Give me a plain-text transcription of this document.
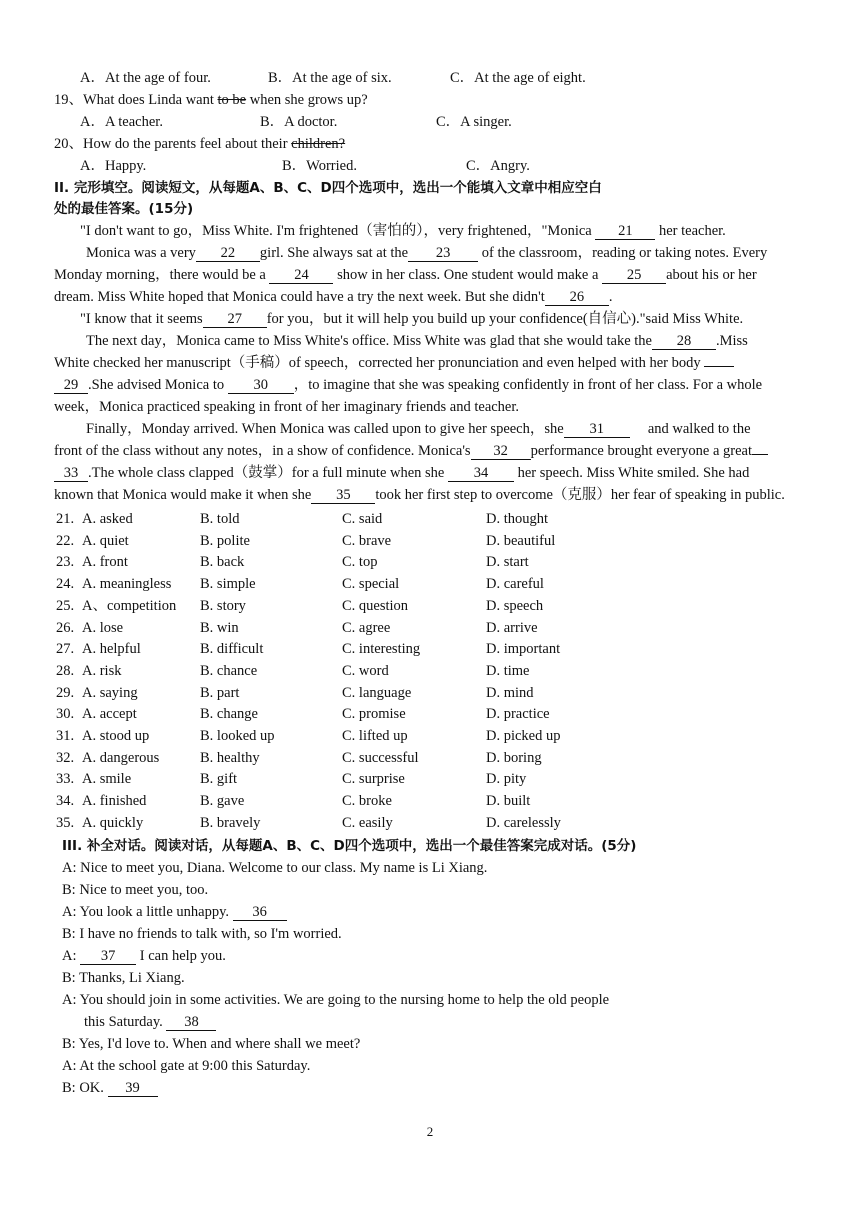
A．At the age of four.	B．At the age of six.	C．At the age of eight.
19、What does Linda want to be when she grows up?
A．A teacher.	B．A doctor.	C．A singer.
20、How do the parents feel about their children?
A．Happy.	B．Worried.	C．Angry.
II. 完形填空。阅读短文，从每题A、B、C、D四个选项中，选出一个能填入文章中相应空白
处的最佳答案。(15分)
"I don't want to go，Miss White. I'm frightened（害怕的），very frightened，"Monica 21 her teacher.
Monica was a very 22 girl. She always sat at the 23 of the classroom，reading or taking notes. Every
Monday morning，there would be a 24 show in her class. One student would make a 25 about his or her
dream. Miss White hoped that Monica could have a try the next week. But she didn't 26 .
"I know that it seems 27 for you，but it will help you build up your confidence(自信心)."said Miss White.
The next day，Monica came to Miss White's office. Miss White was glad that she would take the 28 .Miss
White checked her manuscript（手稿）of speech，corrected her pronunciation and even helped with her body
29 .She advised Monica to 30 ，to imagine that she was speaking confidently in front of her class. For a whole
week，Monica practiced speaking in front of her imaginary friends and teacher.
Finally，Monday arrived. When Monica was called upon to give her speech，she 31	and walked to the
front of the class without any notes，in a show of confidence. Monica's 32 performance brought everyone a great
33 .The whole class clapped（鼓掌）for a full minute when she 34 her speech. Miss White smiled. She had
known that Monica would make it when she 35 took her first step to overcome（克服）her fear of speaking in public.
21. A. asked	B. told	C. said	D. thought
22. A. quiet	B. polite	C. brave	D. beautiful
23. A. front	B. back	C. top	D. start
24. A. meaningless B. simple	C. special	D. careful
25. A、competition B. story	C. question	D. speech
26. A. lose	B. win	C. agree	D. arrive
27. A. helpful	B. difficult	C. interesting	D. important
28. A. risk	B. chance	C. word	D. time
29. A. saying	B. part	C. language	D. mind
30. A. accept	B. change	C. promise	D. practice
31. A. stood up	B. looked up	C. lifted up	D. picked up
32. A. dangerous	B. healthy	C. successful	D. boring
33. A. smile	B. gift	C. surprise	D. pity
34. A. finished	B. gave	C. broke	D. built
35. A. quickly	B. bravely	C. easily	D. carelessly
III. 补全对话。阅读对话，从每题A、B、C、D四个选项中，选出一个最佳答案完成对话。(5分)
A: Nice to meet you, Diana. Welcome to our class. My name is Li Xiang.
B: Nice to meet you, too.
A: You look a little unhappy. 36
B: I have no friends to talk with, so I'm worried.
A: 37 I can help you.
B: Thanks, Li Xiang.
A: You should join in some activities. We are going to the nursing home to help the old people
this Saturday. 38
B: Yes, I'd love to. When and where shall we meet?
A: At the school gate at 9:00 this Saturday.
B: OK. 39
2
